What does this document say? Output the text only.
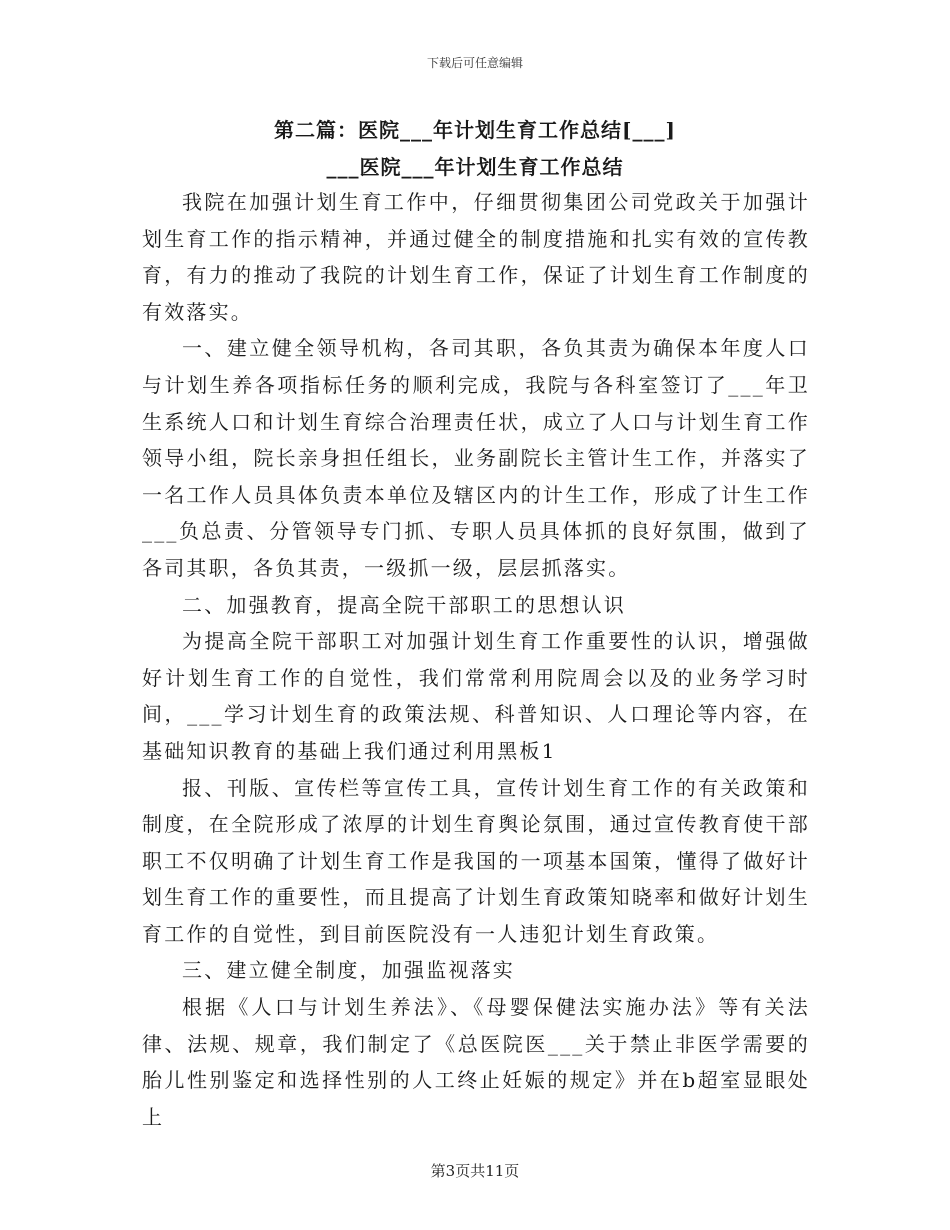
下载后可任意编辑
第二篇：医院___年计划生育工作总结[___]
___医院___年计划生育工作总结

我院在加强计划生育工作中，仔细贯彻集团公司党政关于加强计划生育工作的指示精神，并通过健全的制度措施和扎实有效的宣传教育，有力的推动了我院的计划生育工作，保证了计划生育工作制度的有效落实。

一、建立健全领导机构，各司其职，各负其责为确保本年度人口与计划生养各项指标任务的顺利完成，我院与各科室签订了___年卫生系统人口和计划生育综合治理责任状，成立了人口与计划生育工作领导小组，院长亲身担任组长，业务副院长主管计生工作，并落实了一名工作人员具体负责本单位及辖区内的计生工作，形成了计生工作___负总责、分管领导专门抓、专职人员具体抓的良好氛围，做到了各司其职，各负其责，一级抓一级，层层抓落实。

二、加强教育，提高全院干部职工的思想认识

为提高全院干部职工对加强计划生育工作重要性的认识，增强做好计划生育工作的自觉性，我们常常利用院周会以及的业务学习时间，___学习计划生育的政策法规、科普知识、人口理论等内容，在基础知识教育的基础上我们通过利用黑板1

报、刊版、宣传栏等宣传工具，宣传计划生育工作的有关政策和制度，在全院形成了浓厚的计划生育舆论氛围，通过宣传教育使干部职工不仅明确了计划生育工作是我国的一项基本国策，懂得了做好计划生育工作的重要性，而且提高了计划生育政策知晓率和做好计划生育工作的自觉性，到目前医院没有一人违犯计划生育政策。

三、建立健全制度，加强监视落实

根据《人口与计划生养法》、《母婴保健法实施办法》等有关法律、法规、规章，我们制定了《总医院医___关于禁止非医学需要的胎儿性别鉴定和选择性别的人工终止妊娠的规定》并在b超室显眼处上

第3页共11页
